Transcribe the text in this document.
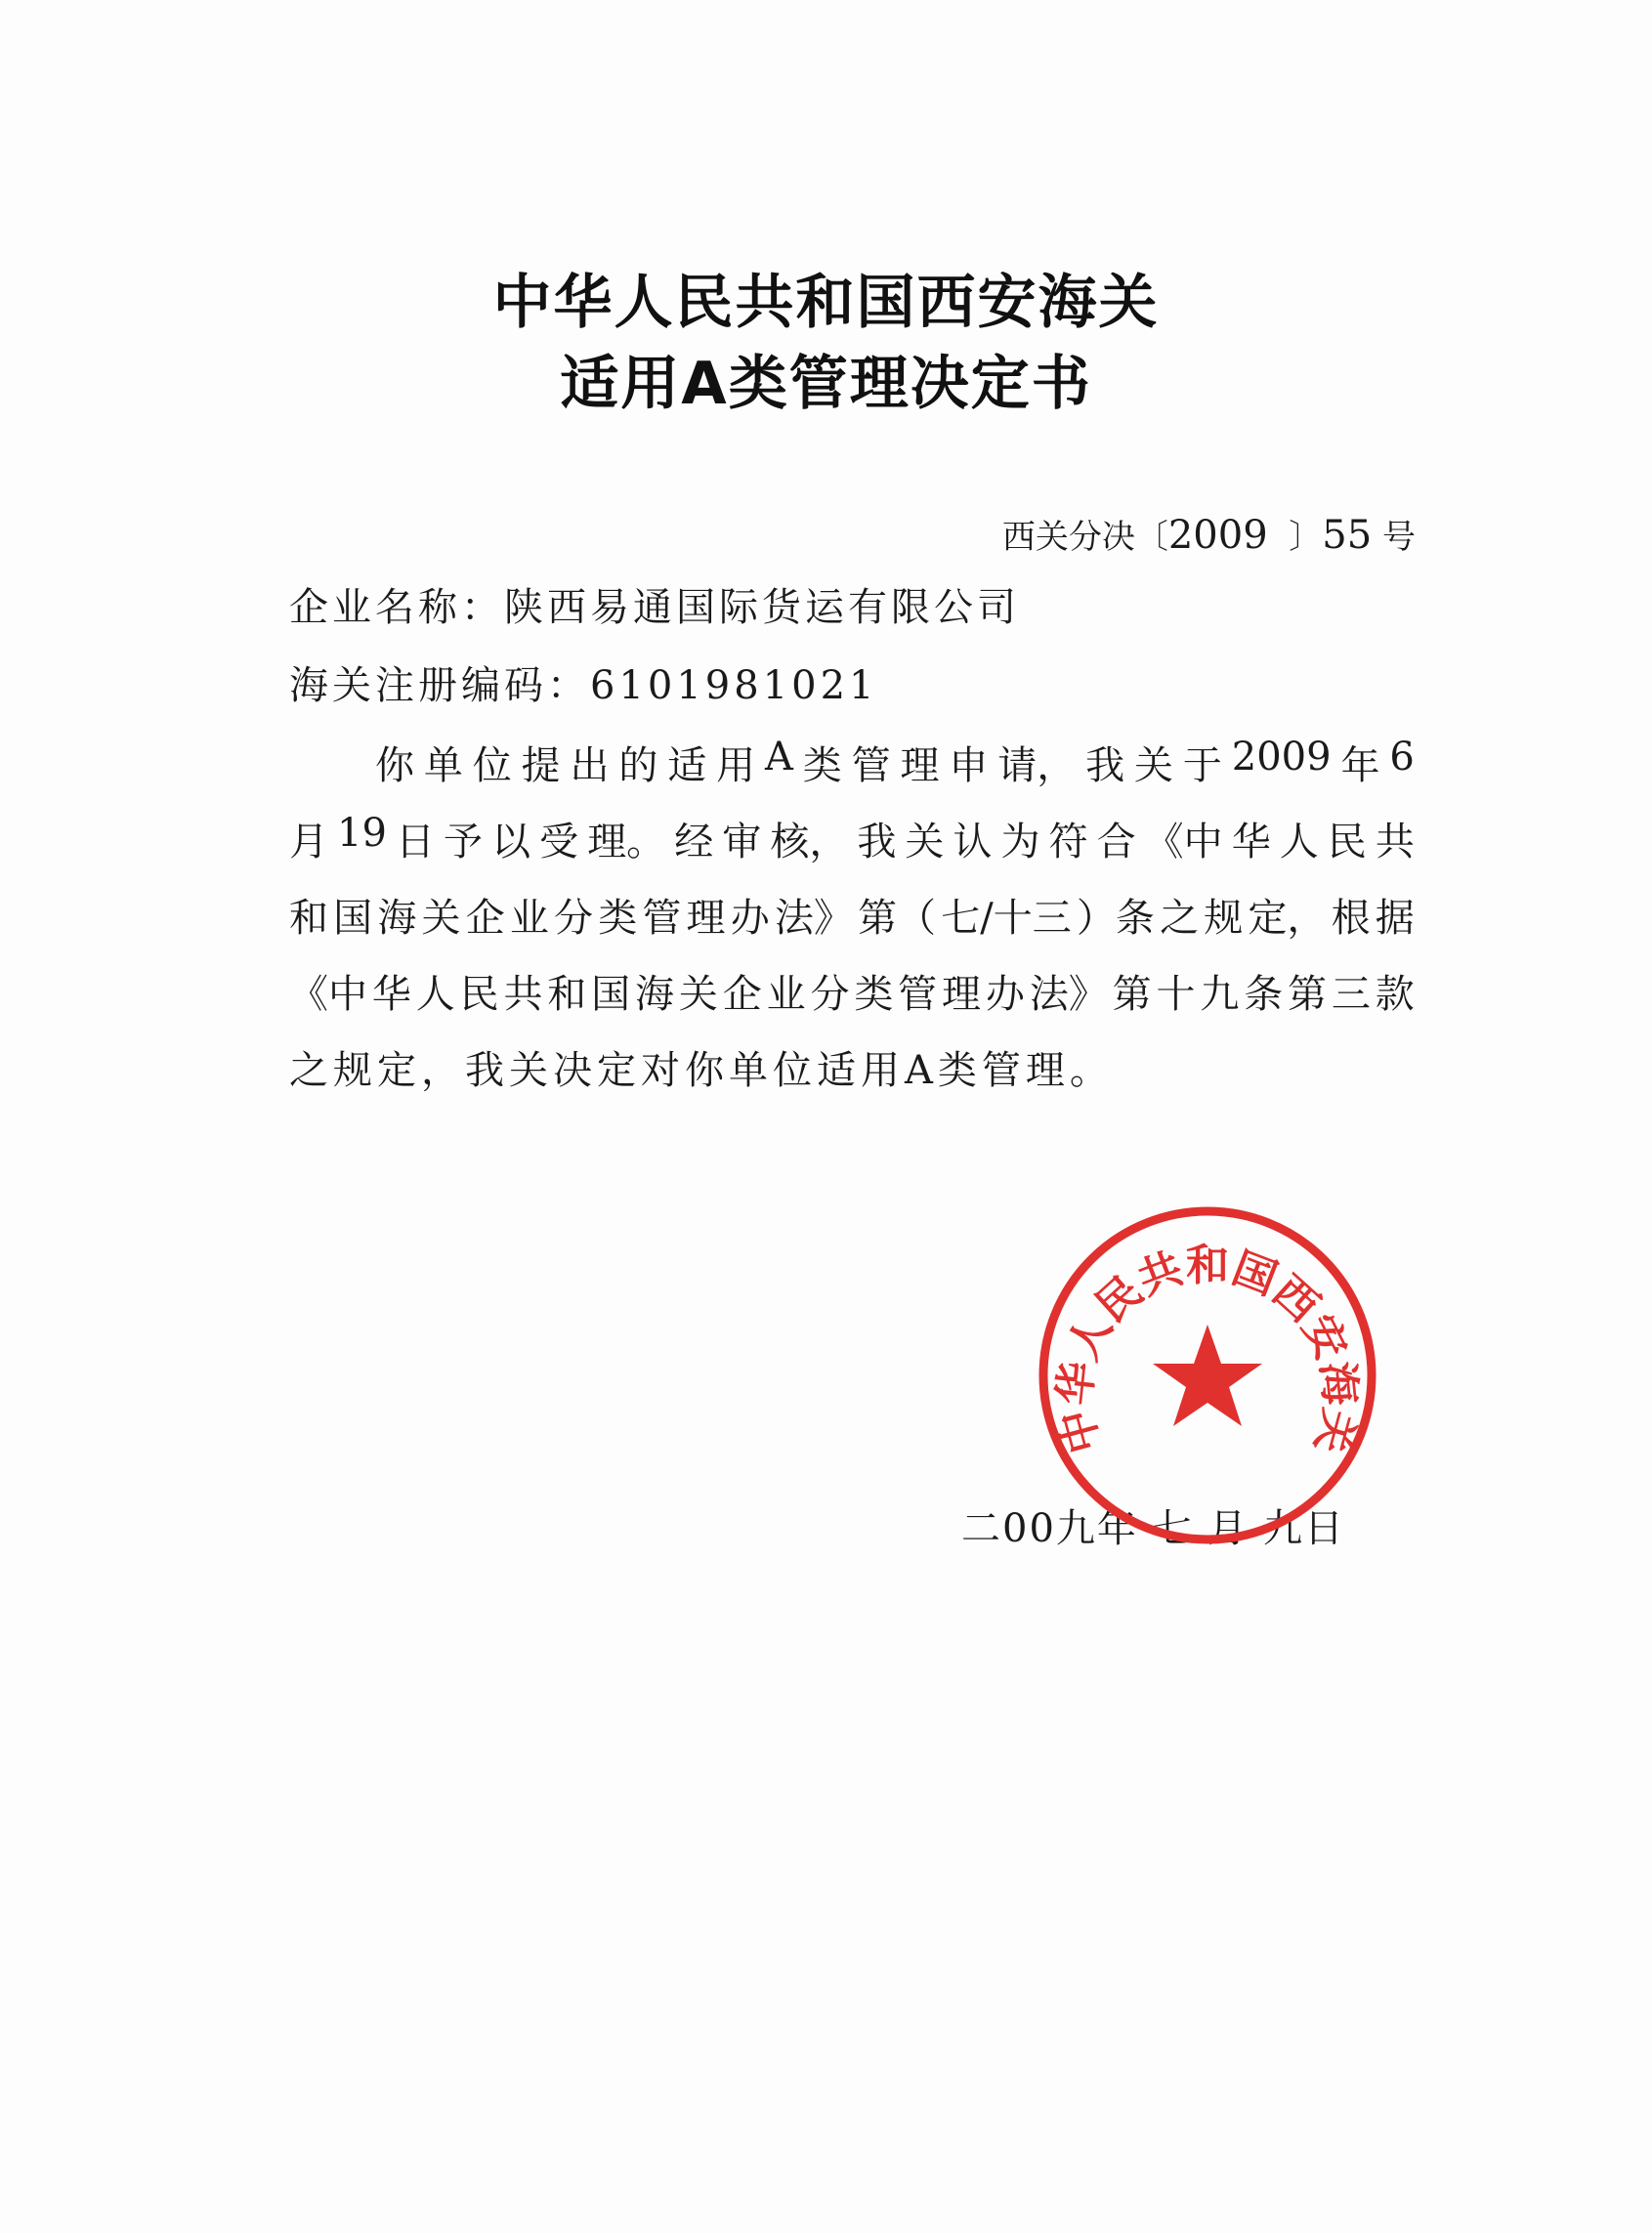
中华人民共和国西安海关
适用A类管理决定书
西关分决〔2009 〕55 号
企业名称：陕西易通国际货运有限公司
海关注册编码：6101981021
你 单 位 提 出 的 适 用 A 类 管 理 申 请， 我 关 于 2009 年 6
月 19 日 予 以 受 理。 经 审 核， 我 关 认 为 符 合 《中 华 人 民 共
和 国 海 关 企 业 分 类 管 理 办 法》 第（ 七/十三 ）条 之 规 定， 根 据
《中 华 人 民 共 和 国 海 关 企 业 分 类 管 理 办 法》 第 十 九 条 第 三 款
之规定，我关决定对你单位适用A类管理。
二00九年 七 月 九日
中华人民共和国西安海关
